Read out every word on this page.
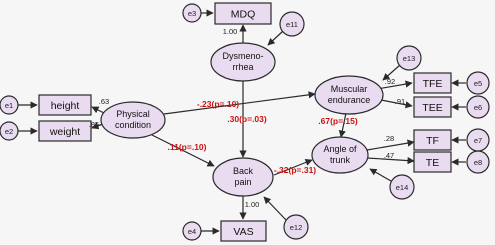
MDQ
height
weight
TFE
TEE
TF
TE
VAS
Dysmeno-
rrhea
Physical
condition
Muscular
endurance
Angle of
trunk
Back
pain
e3
e1
e2
e5
e6
e7
e8
e4
e11
e13
e14
e12
1.00
.63
.85
.92
.91
.28
.47
1.00
-.23(p=.10)
.30(p=.03)	.67(p=.15)
.11(p=.10)
-.32(p=.31)
